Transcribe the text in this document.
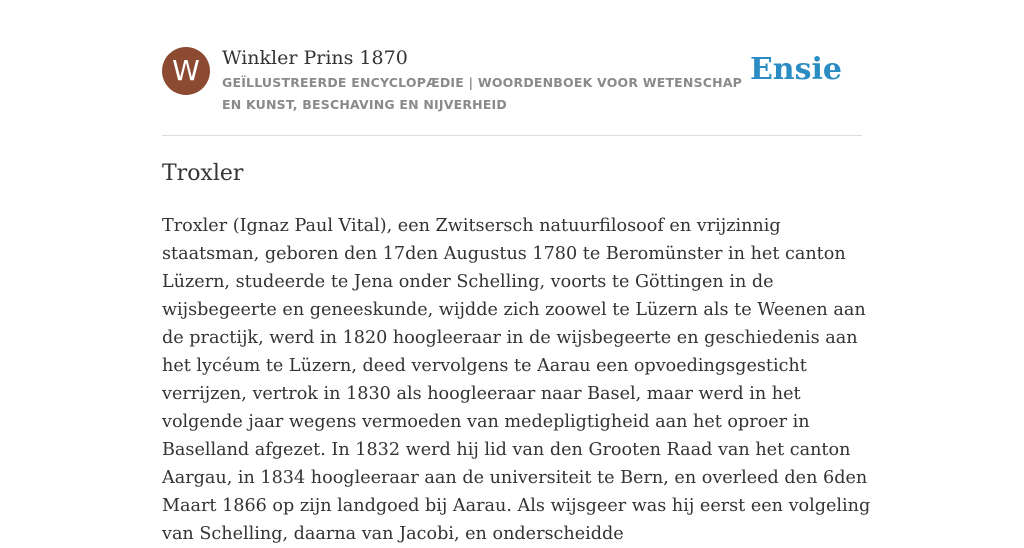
W	Winkler Prins 1870
GEÏLLUSTREERDE ENCYCLOPÆDIE | WOORDENBOEK VOOR WETENSCHAP EN KUNST, BESCHAVING EN NIJVERHEID
Ensie
Troxler

Troxler (Ignaz Paul Vital), een Zwitsersch natuurfilosoof en vrijzinnig staatsman, geboren den 17den Augustus 1780 te Beromünster in het canton Lüzern, studeerde te Jena onder Schelling, voorts te Göttingen in de wijsbegeerte en geneeskunde, wijdde zich zoowel te Lüzern als te Weenen aan de practijk, werd in 1820 hoogleeraar in de wijsbegeerte en geschiedenis aan het lycéum te Lüzern, deed vervolgens te Aarau een opvoedingsgesticht verrijzen, vertrok in 1830 als hoogleeraar naar Basel, maar werd in het volgende jaar wegens vermoeden van medepligtigheid aan het oproer in Baselland afgezet. In 1832 werd hij lid van den Grooten Raad van het canton Aargau, in 1834 hoogleeraar aan de universiteit te Bern, en overleed den 6den Maart 1866 op zijn landgoed bij Aarau. Als wijsgeer was hij eerst een volgeling van Schelling, daarna van Jacobi, en onderscheidde
